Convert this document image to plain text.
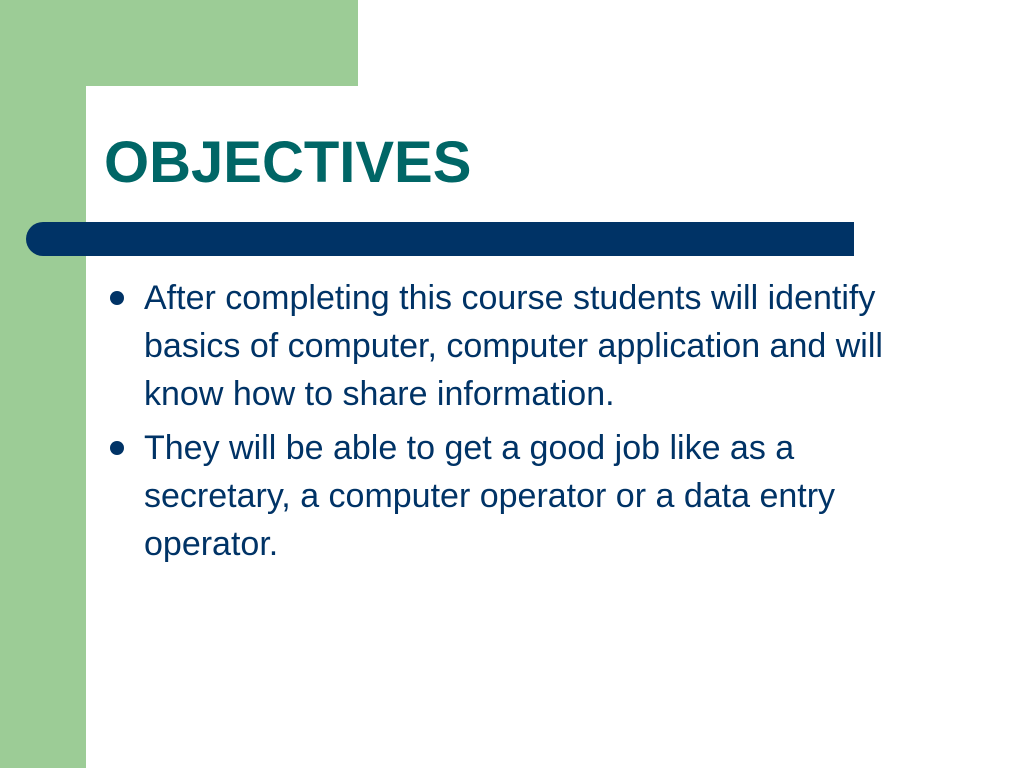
OBJECTIVES
After completing this course students will identify basics of computer, computer application and will know how to share information.
They will be able to get a good job like as a secretary, a computer operator or a data entry operator.
